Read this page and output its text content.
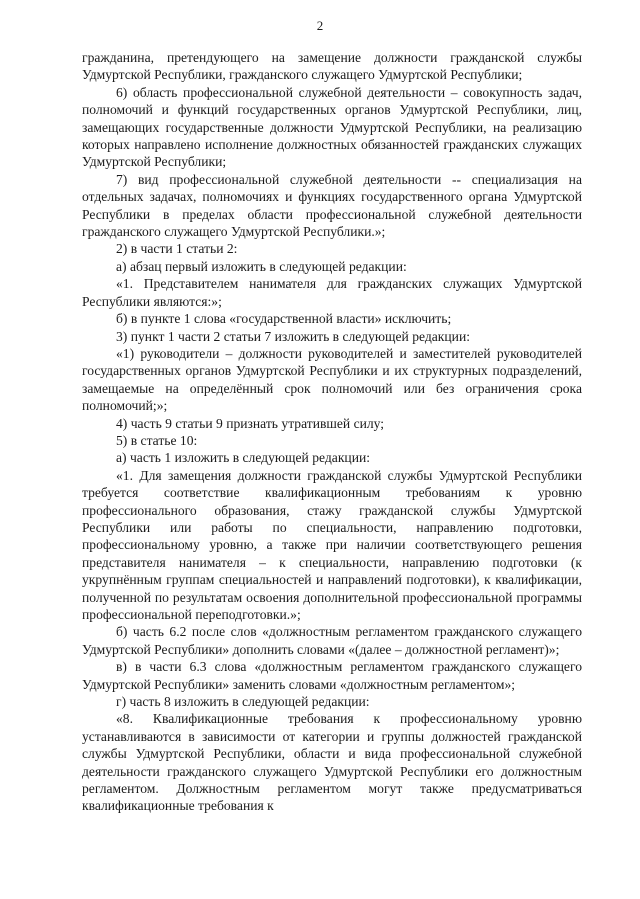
2

гражданина, претендующего на замещение должности гражданской службы Удмуртской Республики, гражданского служащего Удмуртской Республики;

6) область профессиональной служебной деятельности – совокупность задач, полномочий и функций государственных органов Удмуртской Республики, лиц, замещающих государственные должности Удмуртской Республики, на реализацию которых направлено исполнение должностных обязанностей гражданских служащих Удмуртской Республики;

7) вид профессиональной служебной деятельности -- специализация на отдельных задачах, полномочиях и функциях государственного органа Удмуртской Республики в пределах области профессиональной служебной деятельности гражданского служащего Удмуртской Республики.»;

2) в части 1 статьи 2:

а) абзац первый изложить в следующей редакции:

«1. Представителем нанимателя для гражданских служащих Удмуртской Республики являются:»;

б) в пункте 1 слова «государственной власти» исключить;

3) пункт 1 части 2 статьи 7 изложить в следующей редакции:

«1) руководители – должности руководителей и заместителей руководителей государственных органов Удмуртской Республики и их структурных подразделений, замещаемые на определённый срок полномочий или без ограничения срока полномочий;»;

4) часть 9 статьи 9 признать утратившей силу;

5) в статье 10:

а) часть 1 изложить в следующей редакции:

«1. Для замещения должности гражданской службы Удмуртской Республики требуется соответствие квалификационным требованиям к уровню профессионального образования, стажу гражданской службы Удмуртской Республики или работы по специальности, направлению подготовки, профессиональному уровню, а также при наличии соответствующего решения представителя нанимателя – к специальности, направлению подготовки (к укрупнённым группам специальностей и направлений подготовки), к квалификации, полученной по результатам освоения дополнительной профессиональной программы профессиональной переподготовки.»;

б) часть 6.2 после слов «должностным регламентом гражданского служащего Удмуртской Республики» дополнить словами «(далее – должностной регламент)»;

в) в части 6.3 слова «должностным регламентом гражданского служащего Удмуртской Республики» заменить словами «должностным регламентом»;

г) часть 8 изложить в следующей редакции:

«8. Квалификационные требования к профессиональному уровню устанавливаются в зависимости от категории и группы должностей гражданской службы Удмуртской Республики, области и вида профессиональной служебной деятельности гражданского служащего Удмуртской Республики его должностным регламентом. Должностным регламентом могут также предусматриваться квалификационные требования к
